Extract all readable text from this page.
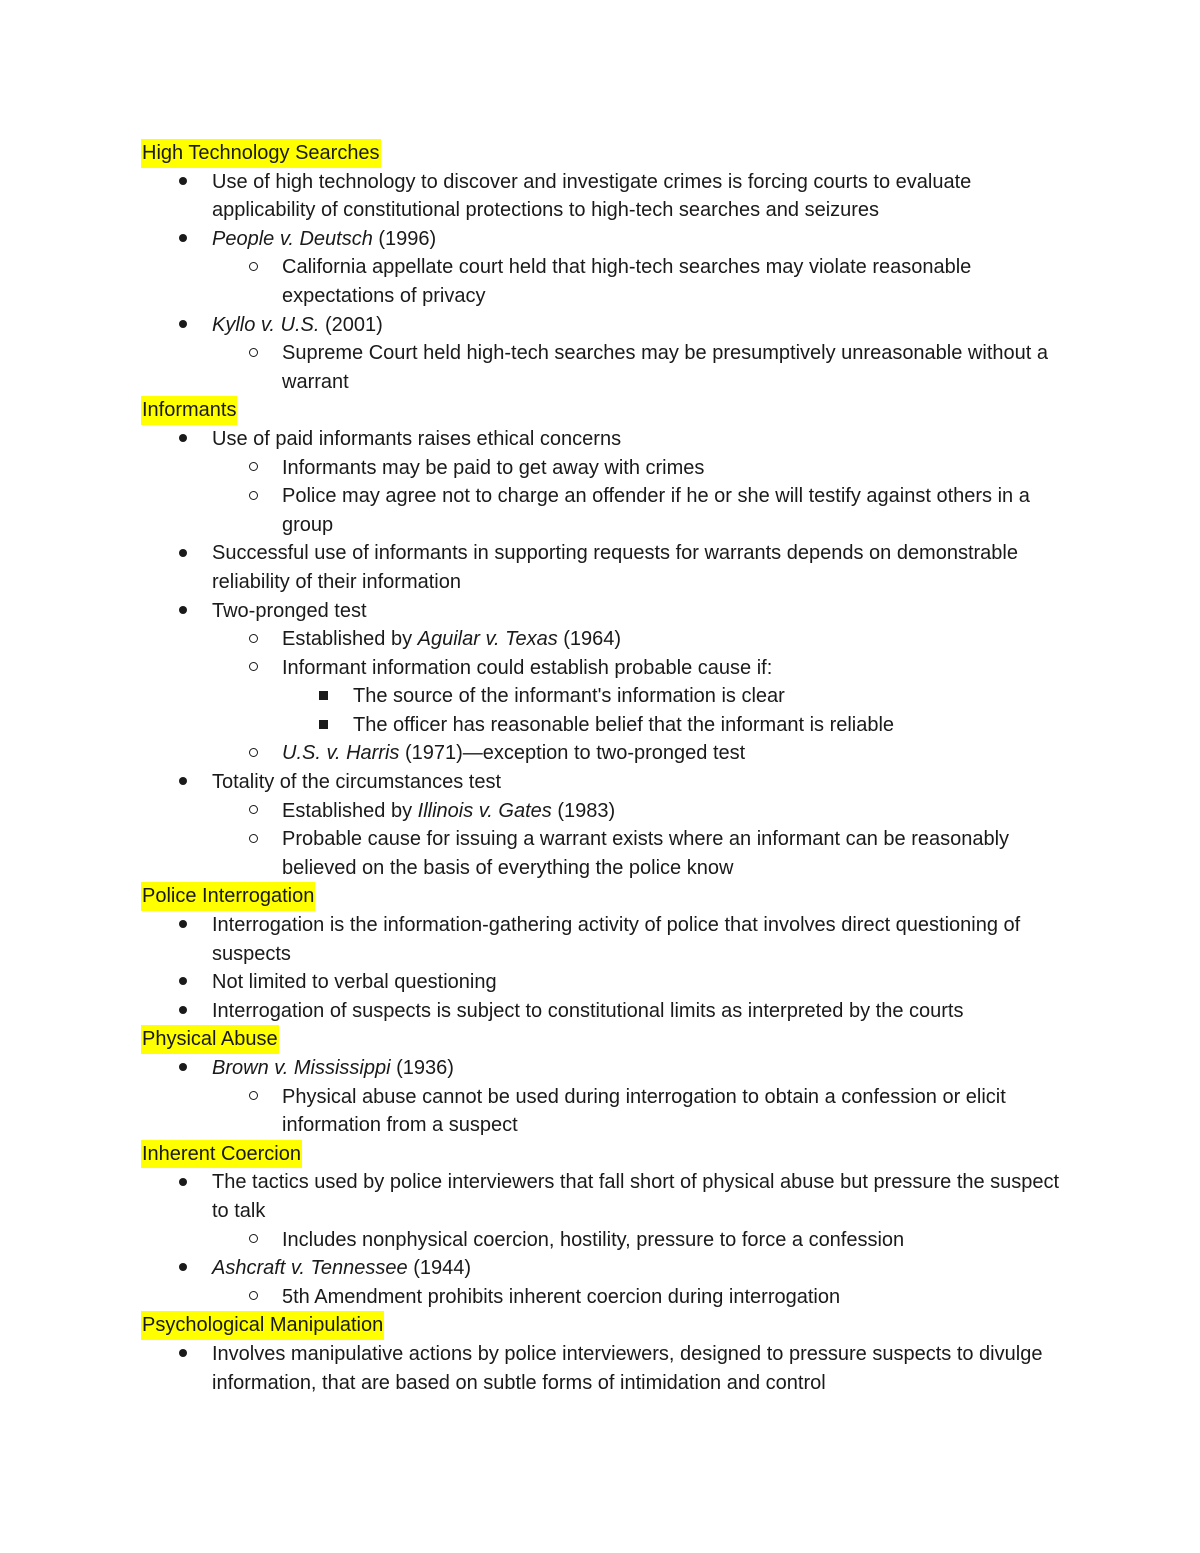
High Technology Searches
Use of high technology to discover and investigate crimes is forcing courts to evaluate applicability of constitutional protections to high-tech searches and seizures
People v. Deutsch (1996)
California appellate court held that high-tech searches may violate reasonable expectations of privacy
Kyllo v. U.S. (2001)
Supreme Court held high-tech searches may be presumptively unreasonable without a warrant
Informants
Use of paid informants raises ethical concerns
Informants may be paid to get away with crimes
Police may agree not to charge an offender if he or she will testify against others in a group
Successful use of informants in supporting requests for warrants depends on demonstrable reliability of their information
Two-pronged test
Established by Aguilar v. Texas (1964)
Informant information could establish probable cause if:
The source of the informant's information is clear
The officer has reasonable belief that the informant is reliable
U.S. v. Harris (1971)—exception to two-pronged test
Totality of the circumstances test
Established by Illinois v. Gates (1983)
Probable cause for issuing a warrant exists where an informant can be reasonably believed on the basis of everything the police know
Police Interrogation
Interrogation is the information-gathering activity of police that involves direct questioning of suspects
Not limited to verbal questioning
Interrogation of suspects is subject to constitutional limits as interpreted by the courts
Physical Abuse
Brown v. Mississippi (1936)
Physical abuse cannot be used during interrogation to obtain a confession or elicit information from a suspect
Inherent Coercion
The tactics used by police interviewers that fall short of physical abuse but pressure the suspect to talk
Includes nonphysical coercion, hostility, pressure to force a confession
Ashcraft v. Tennessee (1944)
5th Amendment prohibits inherent coercion during interrogation
Psychological Manipulation
Involves manipulative actions by police interviewers, designed to pressure suspects to divulge information, that are based on subtle forms of intimidation and control
